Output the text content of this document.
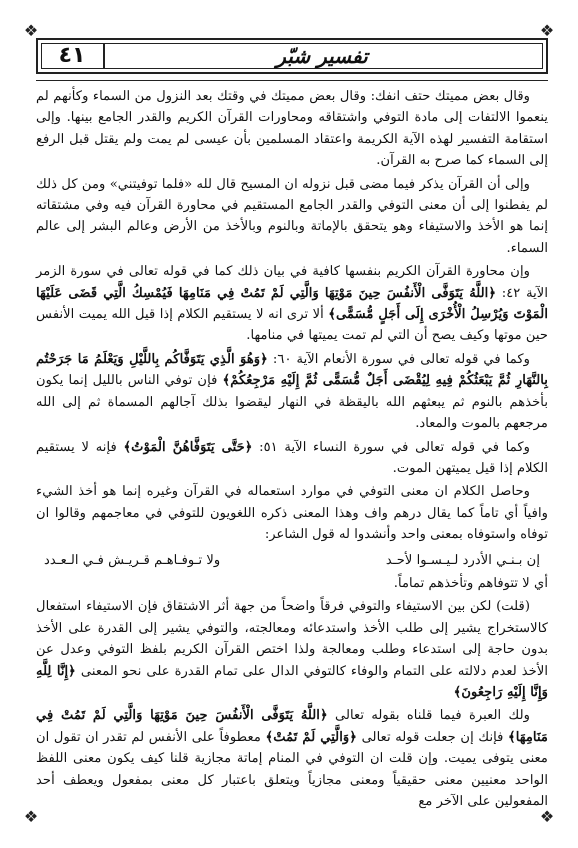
❖	❖
❖	❖
٤١	تفسير شبّر

وقال بعض مميتك حتف انفك: وقال بعض مميتك في وقتك بعد النزول من السماء وكأنهم لم ينعموا الالتفات إلى مادة التوفي واشتقاقه ومحاورات القرآن الكريم والقدر الجامع بينها. وإلى استقامة التفسير لهذه الآية الكريمة واعتقاد المسلمين بأن عيسى لم يمت ولم يقتل قبل الرفع إلى السماء كما صرح به القرآن.

وإلى أن القرآن يذكر فيما مضى قبل نزوله ان المسيح قال لله «فلما توفيتني» ومن كل ذلك لم يفطنوا إلى أن معنى التوفي والقدر الجامع المستقيم في محاورة القرآن فيه وفي مشتقاته إنما هو الأخذ والاستيفاء وهو يتحقق بالإماتة وبالنوم وبالأخذ من الأرض وعالم البشر إلى عالم السماء.

وإن محاورة القرآن الكريم بنفسها كافية في بيان ذلك كما في قوله تعالى في سورة الزمر الآية ٤٢: ﴿اللَّهُ يَتَوَفَّى الْأَنفُسَ حِينَ مَوْتِهَا وَالَّتِي لَمْ تَمُتْ فِي مَنَامِهَا فَيُمْسِكُ الَّتِي قَضَى عَلَيْهَا الْمَوْتَ وَيُرْسِلُ الْأُخْرَى إِلَى أَجَلٍ مُّسَمًّى﴾ ألا ترى انه لا يستقيم الكلام إذا قيل الله يميت الأنفس حين موتها وكيف يصح أن التي لم تمت يميتها في منامها.

وكما في قوله تعالى في سورة الأنعام الآية ٦٠: ﴿وَهُوَ الَّذِي يَتَوَفَّاكُم بِاللَّيْلِ وَيَعْلَمُ مَا جَرَحْتُم بِالنَّهَارِ ثُمَّ يَبْعَثُكُمْ فِيهِ لِيُقْضَى أَجَلٌ مُّسَمًّى ثُمَّ إِلَيْهِ مَرْجِعُكُمْ﴾ فإن توفي الناس بالليل إنما يكون بأخذهم بالنوم ثم يبعثهم الله باليقظة في النهار ليقضوا بذلك آجالهم المسماة ثم إلى الله مرجعهم بالموت والمعاد.

وكما في قوله تعالى في سورة النساء الآية ٥١: ﴿حَتَّى يَتَوَفَّاهُنَّ الْمَوْتُ﴾ فإنه لا يستقيم الكلام إذا قيل يميتهن الموت.

وحاصل الكلام ان معنى التوفي في موارد استعماله في القرآن وغيره إنما هو أخذ الشيء وافياً أي تاماً كما يقال درهم واف وهذا المعنى ذكره اللغويون للتوفي في معاجمهم وقالوا ان توفاه واستوفاه بمعنى واحد وأنشدوا له قول الشاعر:

إن بـنـي الأدرد لـيـسـوا لأحـد
ولا تـوفـاهـم قـريـش فـي الـعـدد

أي لا تتوفاهم وتأخذهم تماماً.

(قلت) لكن بين الاستيفاء والتوفي فرقاً واضحاً من جهة أثر الاشتقاق فإن الاستيفاء استفعال كالاستخراج يشير إلى طلب الأخذ واستدعائه ومعالجته، والتوفي يشير إلى القدرة على الأخذ بدون حاجة إلى استدعاء وطلب ومعالجة ولذا اختص القرآن الكريم بلفظ التوفي وعدل عن الأخذ لعدم دلالته على التمام والوفاء كالتوفي الدال على تمام القدرة على نحو المعنى ﴿إِنَّا لِلَّهِ وَإِنَّا إِلَيْهِ رَاجِعُونَ﴾

ولك العبرة فيما قلناه بقوله تعالى ﴿اللَّهُ يَتَوَفَّى الْأَنفُسَ حِينَ مَوْتِهَا وَالَّتِي لَمْ تَمُتْ فِي مَنَامِهَا﴾ فإنك إن جعلت قوله تعالى ﴿وَالَّتِي لَمْ تَمُتْ﴾ معطوفاً على الأنفس لم تقدر ان تقول ان معنى يتوفى يميت. وإن قلت ان التوفي في المنام إماتة مجازية قلنا كيف يكون معنى اللفظ الواحد معنيين معنى حقيقياً ومعنى مجازياً ويتعلق باعتبار كل معنى بمفعول ويعطف أحد المفعولين على الآخر مع
